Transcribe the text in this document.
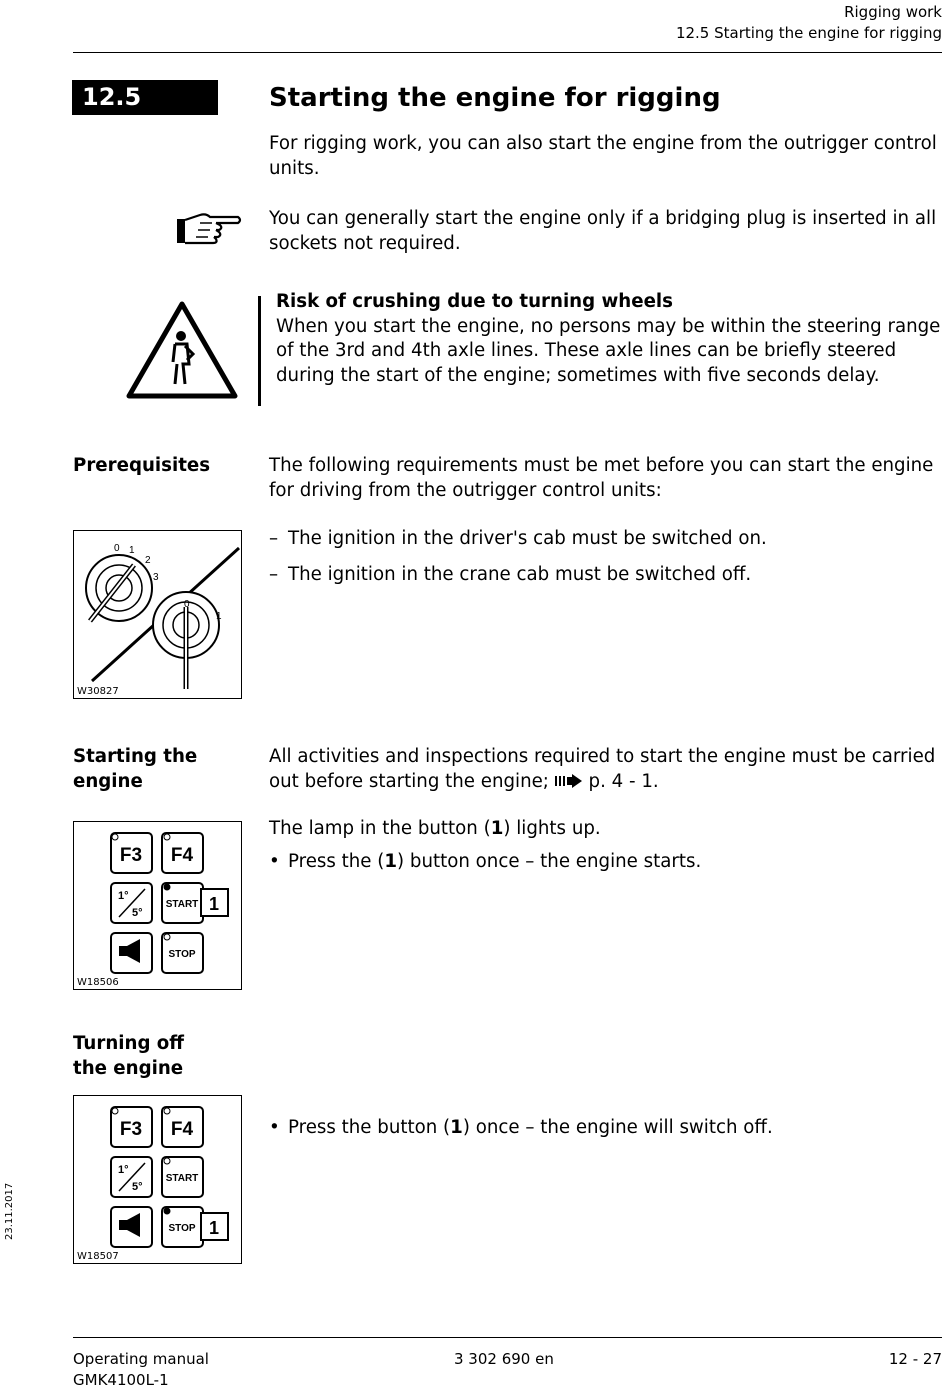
Rigging work
12.5 Starting the engine for rigging
12.5	Starting the engine for rigging
For rigging work, you can also start the engine from the outrigger control units.
You can generally start the engine only if a bridging plug is inserted in all sockets not required.
Risk of crushing due to turning wheels
When you start the engine, no persons may be within the steering range of the 3rd and 4th axle lines. These axle lines can be briefly steered during the start of the engine; sometimes with five seconds delay.
Prerequisites	The following requirements must be met before you can start the engine for driving from the outrigger control units:
0 1
2
3
0
1
W30827
– The ignition in the driver's cab must be switched on.
– The ignition in the crane cab must be switched off.
Starting the engine
All activities and inspections required to start the engine must be carried out before starting the engine; p. 4 - 1.
F3 F4
1°
5°
START 1
STOP
W18506
The lamp in the button (1) lights up.
• Press the (1) button once – the engine starts.
Turning off the engine
F3 F4
1°
5°
START
STOP 1
W18507
• Press the button (1) once – the engine will switch off.
23.11.2017
Operating manual
GMK4100L-1
3 302 690 en	12 - 27
